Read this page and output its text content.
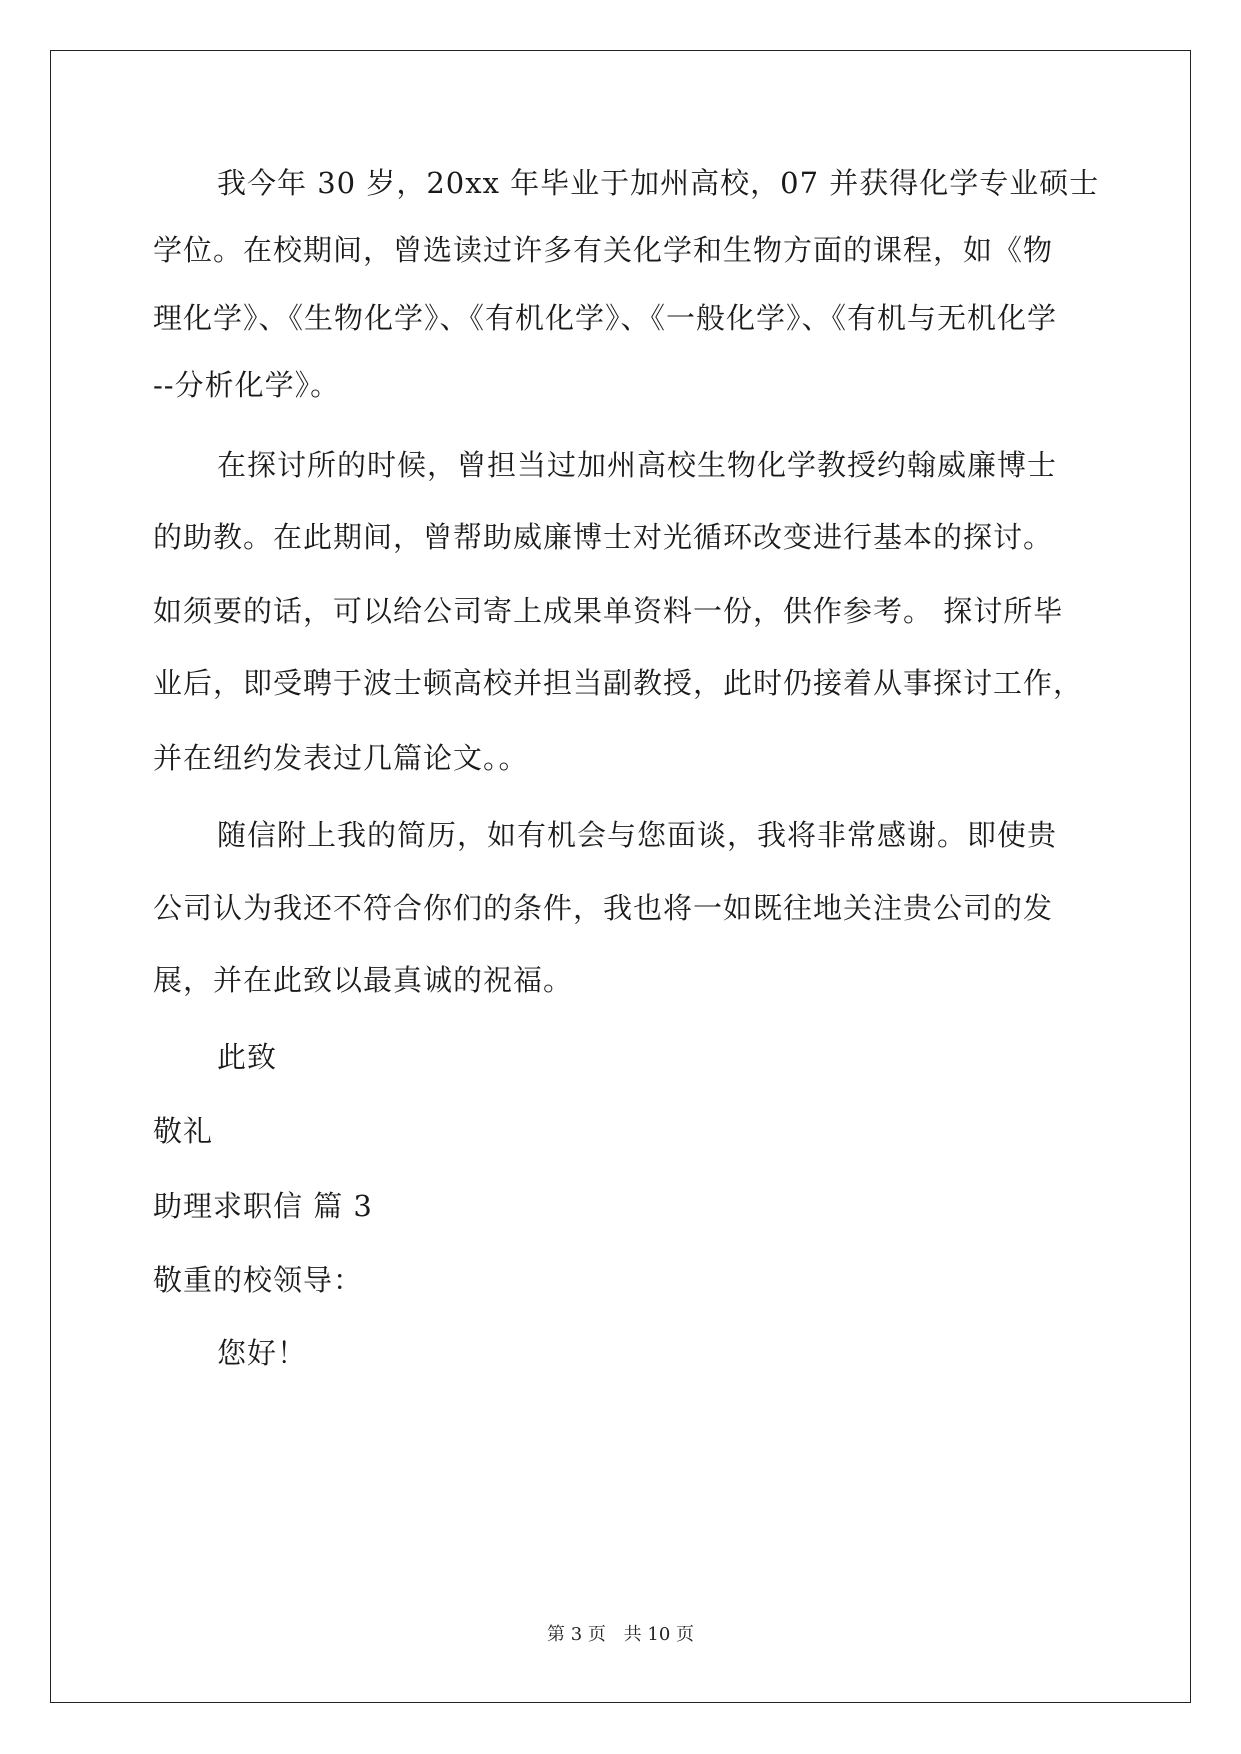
我今年 30 岁，20xx 年毕业于加州高校，07 并获得化学专业硕士
学位。在校期间，曾选读过许多有关化学和生物方面的课程，如《物
理化学》、《生物化学》、《有机化学》、《一般化学》、《有机与无机化学
--分析化学》。
在探讨所的时候，曾担当过加州高校生物化学教授约翰威廉博士
的助教。在此期间，曾帮助威廉博士对光循环改变进行基本的探讨。
如须要的话，可以给公司寄上成果单资料一份，供作参考。 探讨所毕
业后，即受聘于波士顿高校并担当副教授，此时仍接着从事探讨工作，
并在纽约发表过几篇论文。。
随信附上我的简历，如有机会与您面谈，我将非常感谢。即使贵
公司认为我还不符合你们的条件，我也将一如既往地关注贵公司的发
展，并在此致以最真诚的祝福。
此致
敬礼
助理求职信 篇 3
敬重的校领导：
您好！
第 3 页 共 10 页
